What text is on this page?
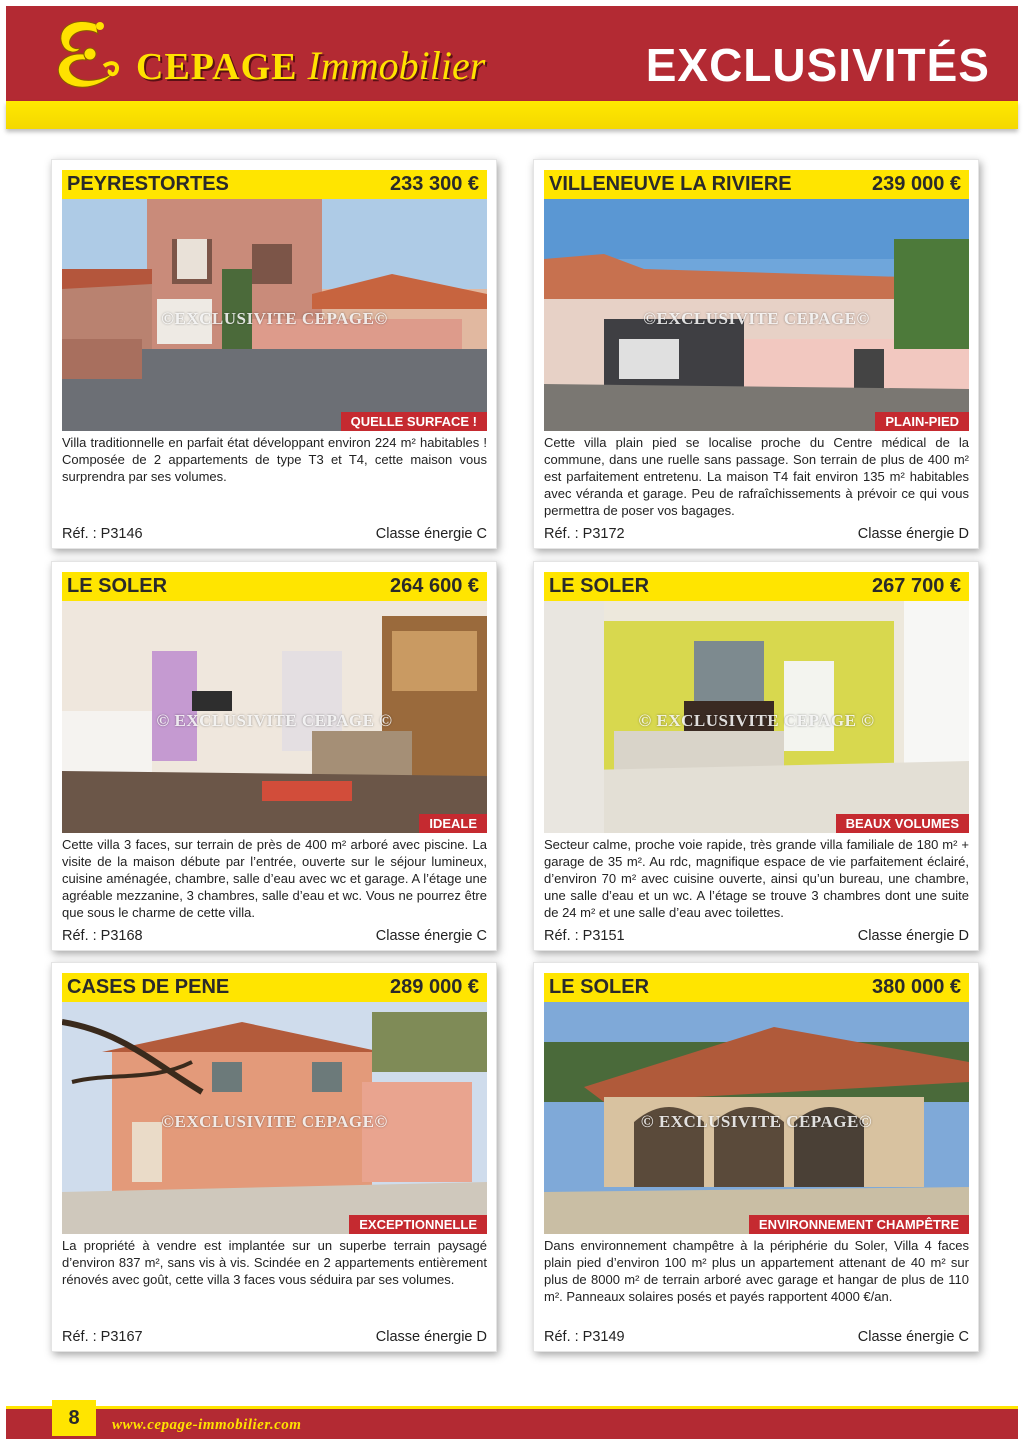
CEPAGE Immobilier	EXCLUSIVITÉS
PEYRESTORTES	233 300 €
©EXCLUSIVITE CEPAGE©
QUELLE SURFACE !
Villa traditionnelle en parfait état développant environ 224 m² habitables ! Composée de 2 appartements de type T3 et T4, cette maison vous surprendra par ses volumes.
Réf. : P3146	Classe énergie C
VILLENEUVE LA RIVIERE	239 000 €
©EXCLUSIVITE CEPAGE©
PLAIN-PIED
Cette villa plain pied se localise proche du Centre médical de la commune, dans une ruelle sans passage. Son terrain de plus de 400 m² est parfaitement entretenu. La maison T4 fait environ 135 m² habitables avec véranda et garage. Peu de rafraîchissements à prévoir ce qui vous permettra de poser vos bagages.
Réf. : P3172	Classe énergie D
LE SOLER	264 600 €
© EXCLUSIVITE CEPAGE ©
IDEALE
Cette villa 3 faces, sur terrain de près de 400 m² arboré avec piscine. La visite de la maison débute par l’entrée, ouverte sur le séjour lumineux, cuisine aménagée, chambre, salle d’eau avec wc et garage. A l’étage une agréable mezzanine, 3 chambres, salle d’eau et wc. Vous ne pourrez être que sous le charme de cette villa.
Réf. : P3168	Classe énergie C
LE SOLER	267 700 €
© EXCLUSIVITE CEPAGE ©
BEAUX VOLUMES
Secteur calme, proche voie rapide, très grande villa familiale de 180 m² + garage de 35 m². Au rdc, magnifique espace de vie parfaitement éclairé, d’environ 70 m² avec cuisine ouverte, ainsi qu’un bureau, une chambre, une salle d’eau et un wc. A l’étage se trouve 3 chambres dont une suite de 24 m² et une salle d’eau avec toilettes.
Réf. : P3151	Classe énergie D
CASES DE PENE	289 000 €
©EXCLUSIVITE CEPAGE©
EXCEPTIONNELLE
La propriété à vendre est implantée sur un superbe terrain paysagé d’environ 837 m², sans vis à vis. Scindée en 2 appartements entièrement rénovés avec goût, cette villa 3 faces vous séduira par ses volumes.
Réf. : P3167	Classe énergie D
LE SOLER	380 000 €
© EXCLUSIVITE CEPAGE©
ENVIRONNEMENT CHAMPÊTRE
Dans environnement champêtre à la périphérie du Soler, Villa 4 faces plain pied d’environ 100 m² plus un appartement attenant de 40 m² sur plus de 8000 m² de terrain arboré avec garage et hangar de plus de 110 m². Panneaux solaires posés et payés rapportent 4000 €/an.
Réf. : P3149	Classe énergie C
8	www.cepage-immobilier.com
